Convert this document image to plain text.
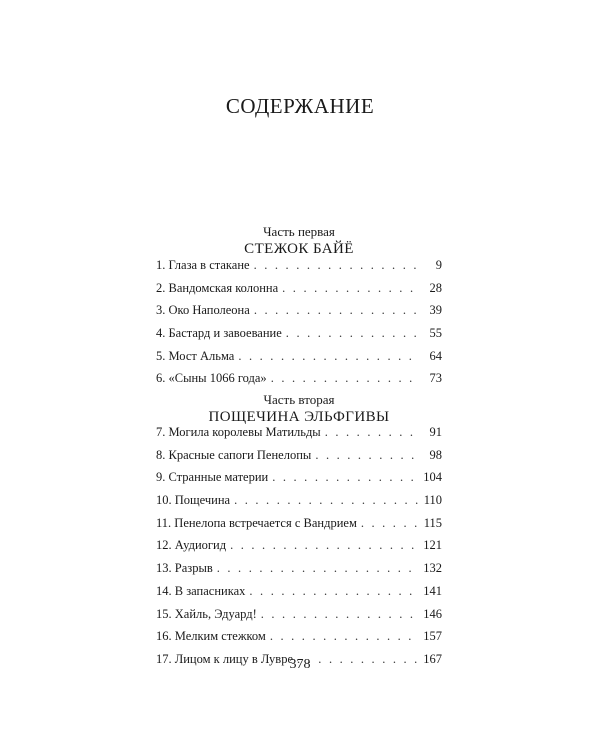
СОДЕРЖАНИЕ
Часть первая
СТЕЖОК БАЙЁ
1. Глаза в стакане . . .	9
2. Вандомская колонна . . .	28
3. Око Наполеона . . .	39
4. Бастард и завоевание . . .	55
5. Мост Альма . . .	64
6. «Сыны 1066 года» . . .	73
Часть вторая
ПОЩЕЧИНА ЭЛЬФГИВЫ
7. Могила королевы Матильды . . .	91
8. Красные сапоги Пенелопы . . .	98
9. Странные материи . . .	104
10. Пощечина . . .	110
11. Пенелопа встречается с Вандрием . . .	115
12. Аудиогид . . .	121
13. Разрыв . . .	132
14. В запасниках . . .	141
15. Хайль, Эдуард! . . .	146
16. Мелким стежком . . .	157
17. Лицом к лицу в Лувре . . .	167
378
